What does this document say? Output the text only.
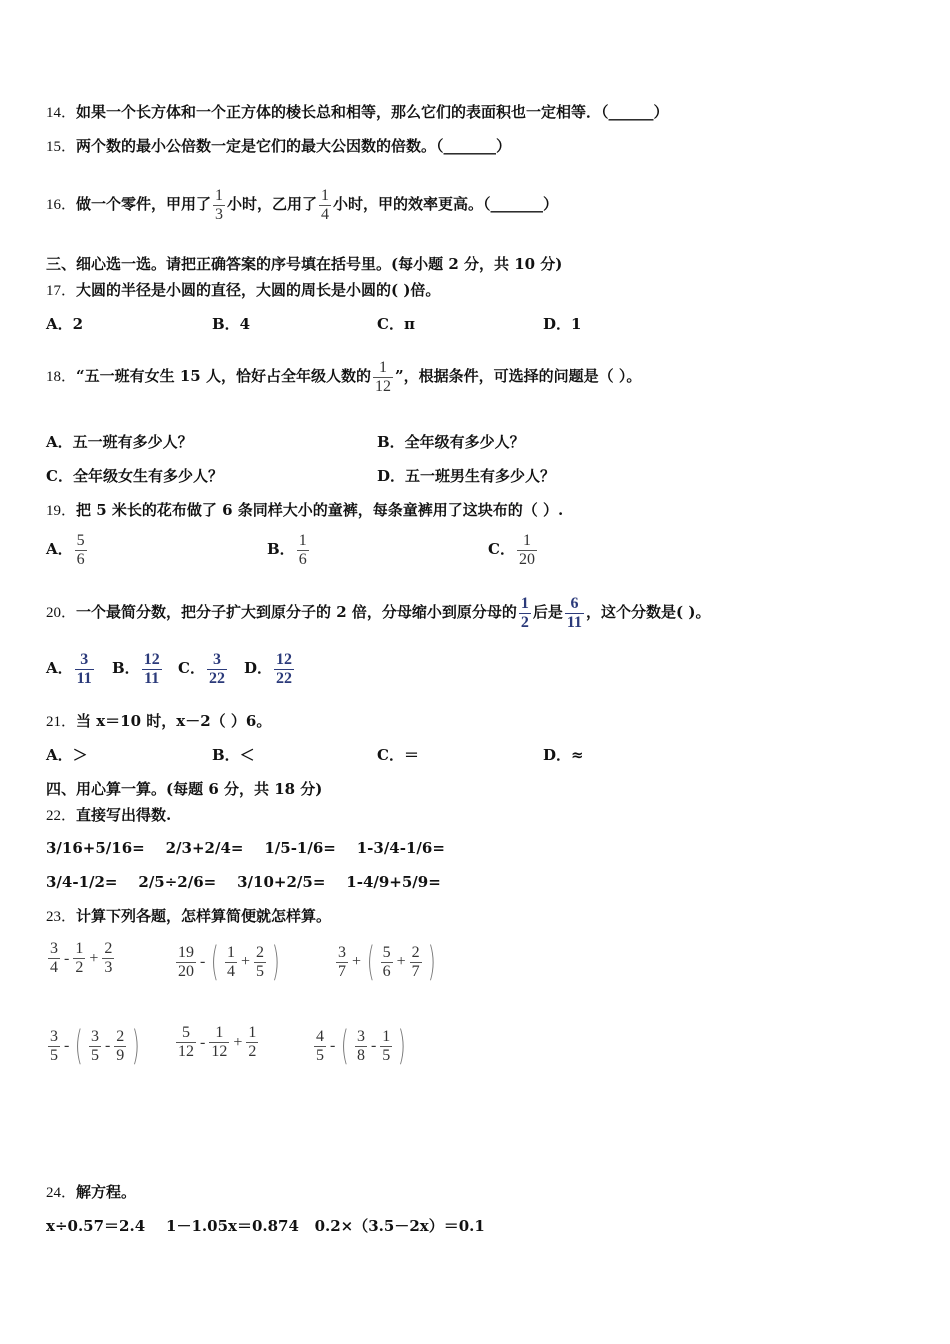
14．如果一个长方体和一个正方体的棱长总和相等，那么它们的表面积也一定相等．（______）
15．两个数的最小公倍数一定是它们的最大公因数的倍数。（_______）
16．做一个零件，甲用了 $\frac{1}{3}$ 小时，乙用了 $\frac{1}{4}$ 小时，甲的效率更高。（_______）
三、细心选一选。请把正确答案的序号填在括号里。(每小题 2 分，共 10 分)
17．大圆的半径是小圆的直径，大圆的周长是小圆的( )倍。
A．2	B．4	C．π	D．1
18．“五一班有女生 15 人，恰好占全年级人数的 $\frac{1}{12}$ ”，根据条件，可选择的问题是（ ）。
A．五一班有多少人？	B．全年级有多少人？
C．全年级女生有多少人？	D．五一班男生有多少人？
19．把 5 米长的花布做了 6 条同样大小的童裤，每条童裤用了这块布的（ ）.
A． $\frac{5}{6}$	B． $\frac{1}{6}$	C． $\frac{1}{20}$
20．一个最简分数，把分子扩大到原分子的 2 倍，分母缩小到原分母的 $\frac{1}{2}$ 后是 $\frac{6}{11}$ ，这个分数是( )。
A． $\frac{3}{11}$ B． $\frac{12}{11}$ C． $\frac{3}{22}$ D． $\frac{12}{22}$
21．当 x＝10 时，x－2（ ）6。
A．＞	B．＜	C．＝	D．≈
四、用心算一算。(每题 6 分，共 18 分)
22．直接写出得数.
3/16+5/16=    2/3+2/4=    1/5-1/6=    1-3/4-1/6=
3/4-1/2=    2/5÷2/6=    3/10+2/5=    1-4/9+5/9=
23．计算下列各题，怎样算简便就怎样算。
$\frac{3}{4} - \frac{1}{2} + \frac{2}{3}$	$\frac{19}{20}$ - ( $\frac{1}{4} + \frac{2}{5}$ )	$\frac{3}{7}$ + ( $\frac{5}{6} + \frac{2}{7}$ )
$\frac{3}{5}$ - ( $\frac{3}{5} - \frac{2}{9}$ ) $\frac{5}{12} - \frac{1}{12} + \frac{1}{2}$	$\frac{4}{5}$ - ( $\frac{3}{8} - \frac{1}{5}$ )
24．解方程。
x÷0.57＝2.4    1－1.05x＝0.874   0.2×（3.5－2x）＝0.1
